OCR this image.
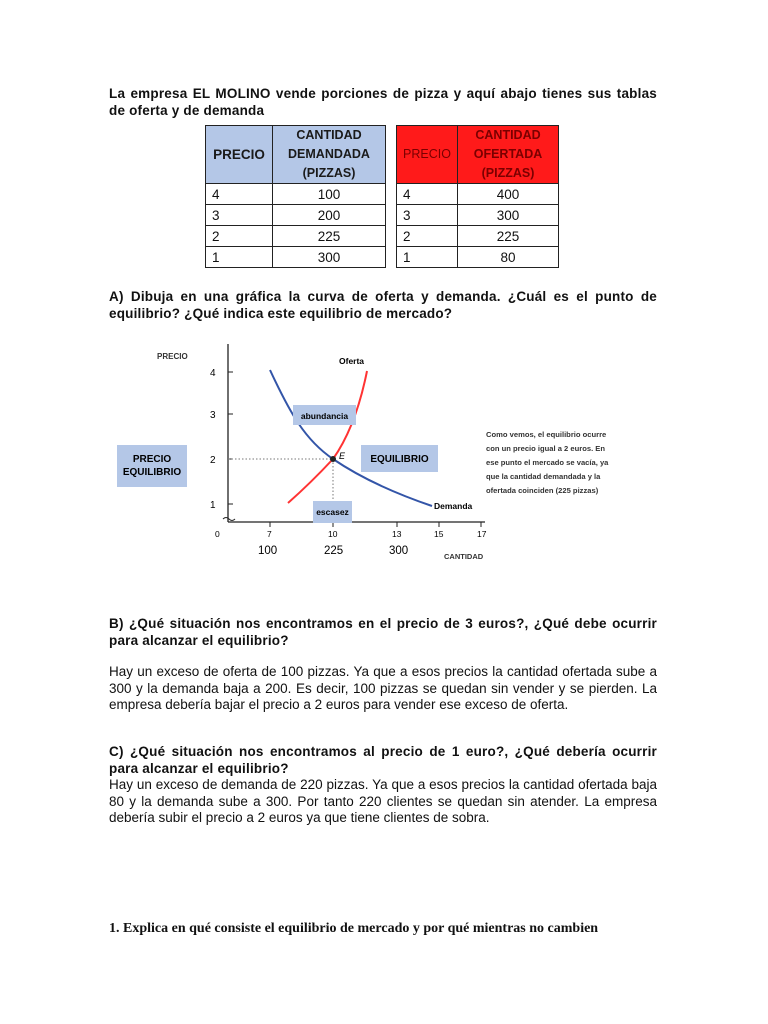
La empresa EL MOLINO vende porciones de pizza y aquí abajo tienes sus tablas de oferta y de demanda
PRECIO	CANTIDAD DEMANDADA (PIZZAS)
4	100
3	200
2	225
1	300
PRECIO	CANTIDAD OFERTADA (PIZZAS)
4	400
3	300
2	225
1	80
A) Dibuja en una gráfica la curva de oferta y demanda. ¿Cuál es el punto de equilibrio? ¿Qué indica este equilibrio de mercado?
4
3
2
1
0	7	10	13	15	17
100	225	300
PRECIO
CANTIDAD
E
Oferta
Demanda
abundancia
escasez
EQUILIBRIO
PRECIO
EQUILIBRIO
Como vemos, el equilibrio ocurre
con un precio igual a 2 euros. En
ese punto el mercado se vacía, ya
que la cantidad demandada y la
ofertada coinciden (225 pizzas)
B) ¿Qué situación nos encontramos en el precio de 3 euros?, ¿Qué debe ocurrir para alcanzar el equilibrio?
Hay un exceso de oferta de 100 pizzas. Ya que a esos precios la cantidad ofertada sube a 300 y la demanda baja a 200. Es decir, 100 pizzas se quedan sin vender y se pierden. La empresa debería bajar el precio a 2 euros para vender ese exceso de oferta.
C) ¿Qué situación nos encontramos al precio de 1 euro?, ¿Qué debería ocurrir para alcanzar el equilibrio?
Hay un exceso de demanda de 220 pizzas. Ya que a esos precios la cantidad ofertada baja 80 y la demanda sube a 300. Por tanto 220 clientes se quedan sin atender. La empresa debería subir el precio a 2 euros ya que tiene clientes de sobra.
1. Explica en qué consiste el equilibrio de mercado y por qué mientras no cambien
